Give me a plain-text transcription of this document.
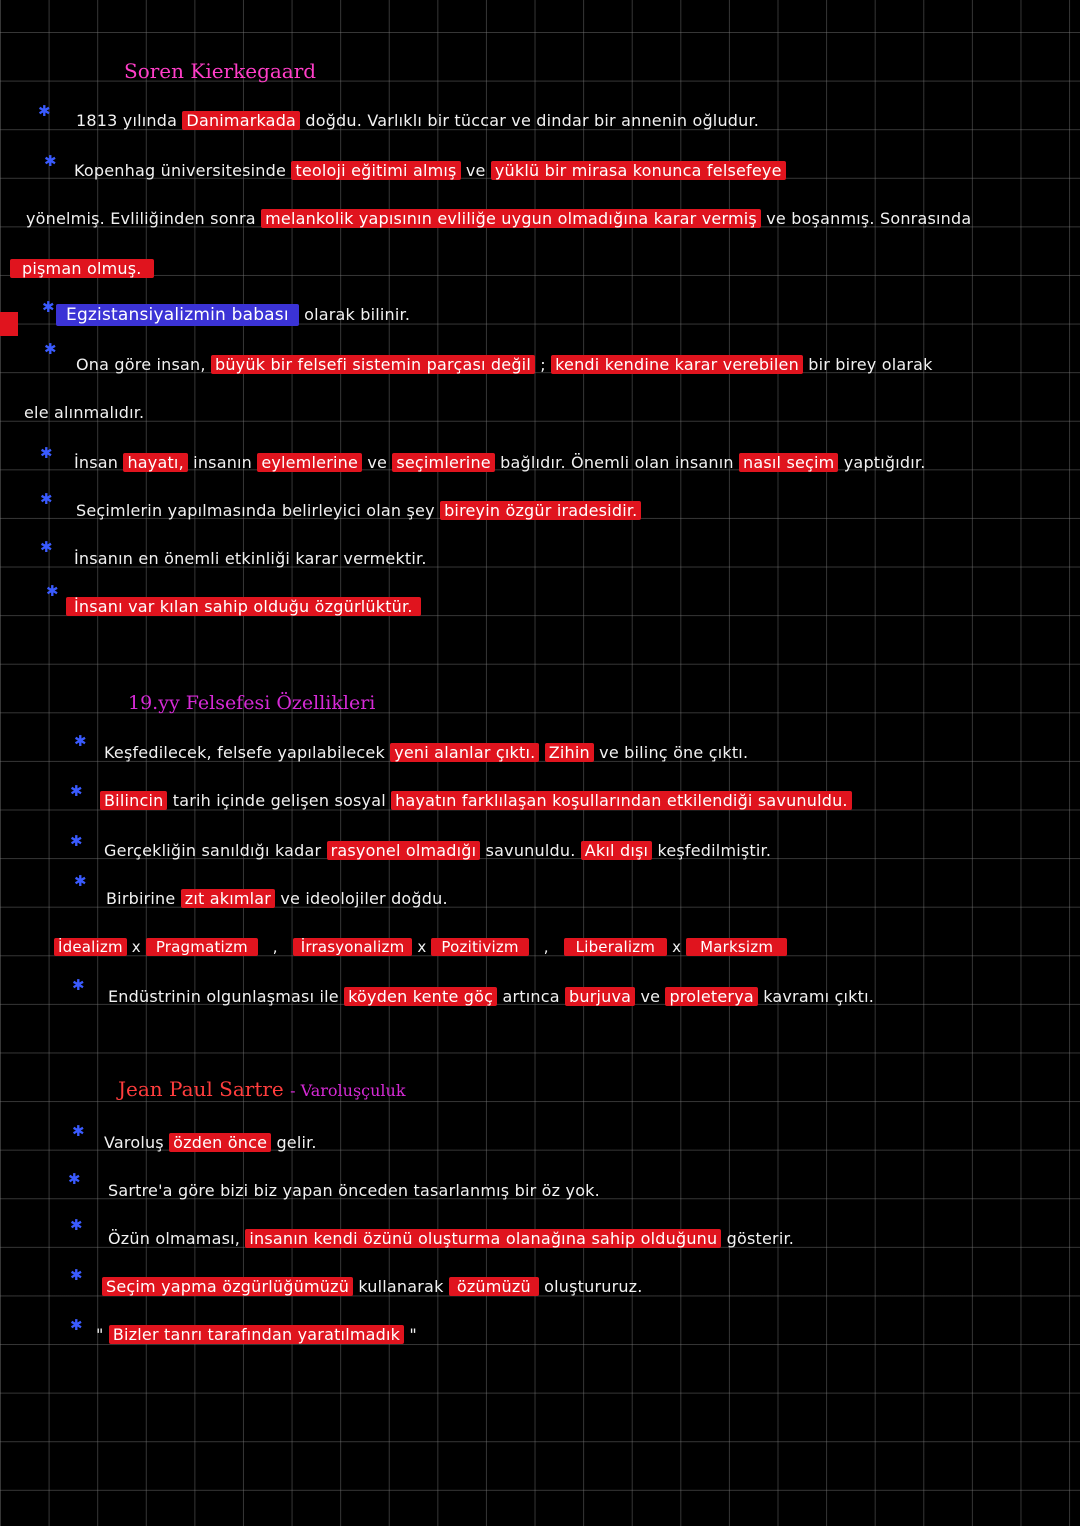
Soren Kierkegaard
✱ 1813 yılında Danimarkada doğdu. Varlıklı bir tüccar ve dindar bir annenin oğludur.
✱ Kopenhag üniversitesinde teoloji eğitimi almış ve yüklü bir mirasa konunca felsefeye
yönelmiş. Evliliğinden sonra melankolik yapısının evliliğe uygun olmadığına karar vermiş ve boşanmış. Sonrasında
pişman olmuş.
✱ Egzistansiyalizmin babası olarak bilinir.
✱
Ona göre insan, büyük bir felsefi sistemin parçası değil ; kendi kendine karar verebilen bir birey olarak
ele alınmalıdır.
✱ İnsan hayatı, insanın eylemlerine ve seçimlerine bağlıdır. Önemli olan insanın nasıl seçim yaptığıdır.
✱
Seçimlerin yapılmasında belirleyici olan şey bireyin özgür iradesidir.
✱
İnsanın en önemli etkinliği karar vermektir.
✱
İnsanı var kılan sahip olduğu özgürlüktür.
19.yy Felsefesi Özellikleri
✱
Keşfedilecek, felsefe yapılabilecek yeni alanlar çıktı. Zihin ve bilinç öne çıktı.
✱ Bilincin tarih içinde gelişen sosyal hayatın farklılaşan koşullarından etkilendiği savunuldu.
✱ Gerçekliğin sanıldığı kadar rasyonel olmadığı savunuldu. Akıl dışı keşfedilmiştir.
✱
Birbirine zıt akımlar ve ideolojiler doğdu.
İdealizm x Pragmatizm , İrrasyonalizm x Pozitivizm , Liberalizm x Marksizm
✱
Endüstrinin olgunlaşması ile köyden kente göç artınca burjuva ve proleterya kavramı çıktı.
Jean Paul Sartre - Varoluşçuluk
✱
Varoluş özden önce gelir.
✱
Sartre'a göre bizi biz yapan önceden tasarlanmış bir öz yok.
✱
Özün olmaması, insanın kendi özünü oluşturma olanağına sahip olduğunu gösterir.
✱
Seçim yapma özgürlüğümüzü kullanarak özümüzü oluştururuz.
✱ " Bizler tanrı tarafından yaratılmadık "
